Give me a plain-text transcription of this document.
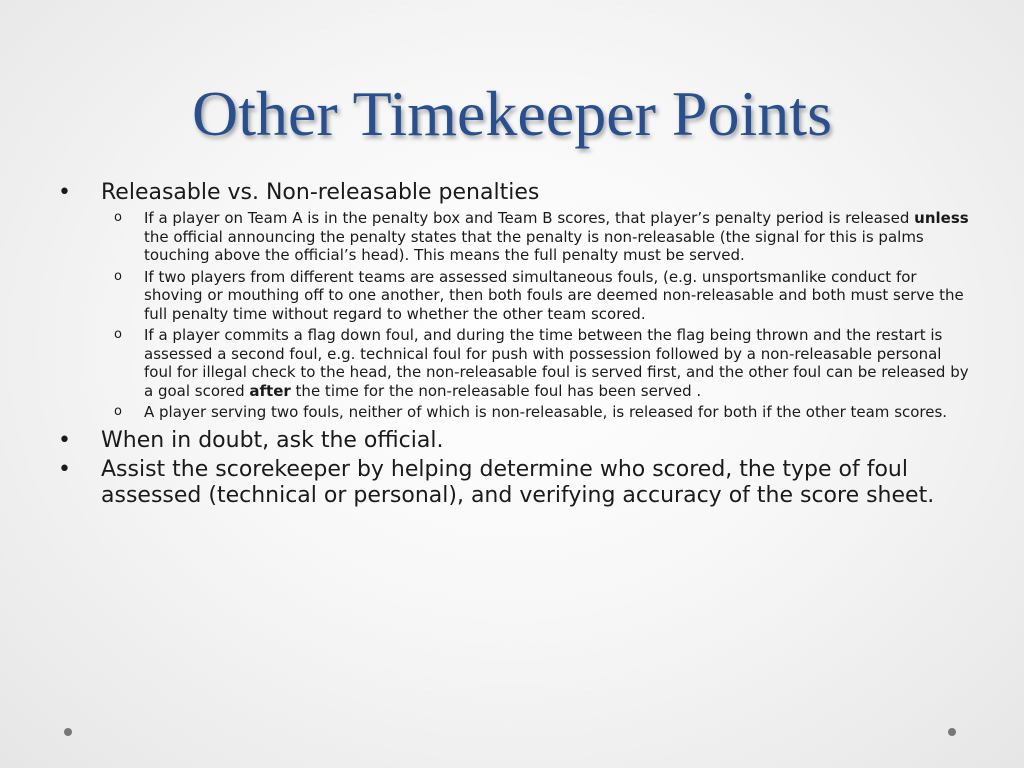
Other Timekeeper Points
•	Releasable vs. Non-releasable penalties
o If a player on Team A is in the penalty box and Team B scores, that player’s penalty period is released unless the official announcing the penalty states that the penalty is non-releasable (the signal for this is palms touching above the official’s head). This means the full penalty must be served.
o If two players from different teams are assessed simultaneous fouls, (e.g. unsportsmanlike conduct for shoving or mouthing off to one another, then both fouls are deemed non-releasable and both must serve the full penalty time without regard to whether the other team scored.
o If a player commits a flag down foul, and during the time between the flag being thrown and the restart is assessed a second foul, e.g. technical foul for push with possession followed by a non-releasable personal foul for illegal check to the head, the non-releasable foul is served first, and the other foul can be released by a goal scored after the time for the non-releasable foul has been served .
o A player serving two fouls, neither of which is non-releasable, is released for both if the other team scores.
•	When in doubt, ask the official.
•	Assist the scorekeeper by helping determine who scored, the type of foul assessed (technical or personal), and verifying accuracy of the score sheet.
